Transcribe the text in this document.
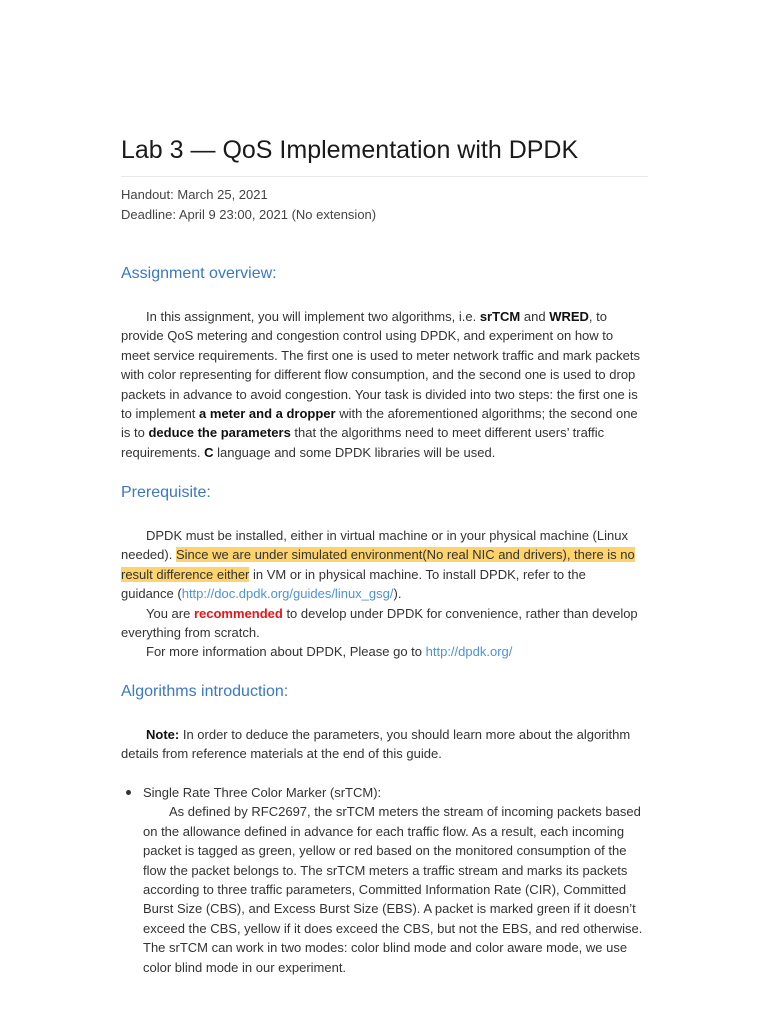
Lab 3 — QoS Implementation with DPDK
Handout: March 25, 2021
Deadline: April 9 23:00, 2021 (No extension)
Assignment overview:

In this assignment, you will implement two algorithms, i.e. srTCM and WRED, to provide QoS metering and congestion control using DPDK, and experiment on how to meet service requirements. The first one is used to meter network traffic and mark packets with color representing for different flow consumption, and the second one is used to drop packets in advance to avoid congestion. Your task is divided into two steps: the first one is to implement a meter and a dropper with the aforementioned algorithms; the second one is to deduce the parameters that the algorithms need to meet different users’ traffic requirements. C language and some DPDK libraries will be used.

Prerequisite:

DPDK must be installed, either in virtual machine or in your physical machine (Linux needed). Since we are under simulated environment(No real NIC and drivers), there is no result difference either in VM or in physical machine. To install DPDK, refer to the guidance (http://doc.dpdk.org/guides/linux_gsg/).

You are recommended to develop under DPDK for convenience, rather than develop everything from scratch.

For more information about DPDK, Please go to http://dpdk.org/

Algorithms introduction:

Note: In order to deduce the parameters, you should learn more about the algorithm details from reference materials at the end of this guide.

Single Rate Three Color Marker (srTCM):

As defined by RFC2697, the srTCM meters the stream of incoming packets based on the allowance defined in advance for each traffic flow. As a result, each incoming packet is tagged as green, yellow or red based on the monitored consumption of the flow the packet belongs to. The srTCM meters a traffic stream and marks its packets according to three traffic parameters, Committed Information Rate (CIR), Committed Burst Size (CBS), and Excess Burst Size (EBS). A packet is marked green if it doesn’t exceed the CBS, yellow if it does exceed the CBS, but not the EBS, and red otherwise. The srTCM can work in two modes: color blind mode and color aware mode, we use color blind mode in our experiment.
